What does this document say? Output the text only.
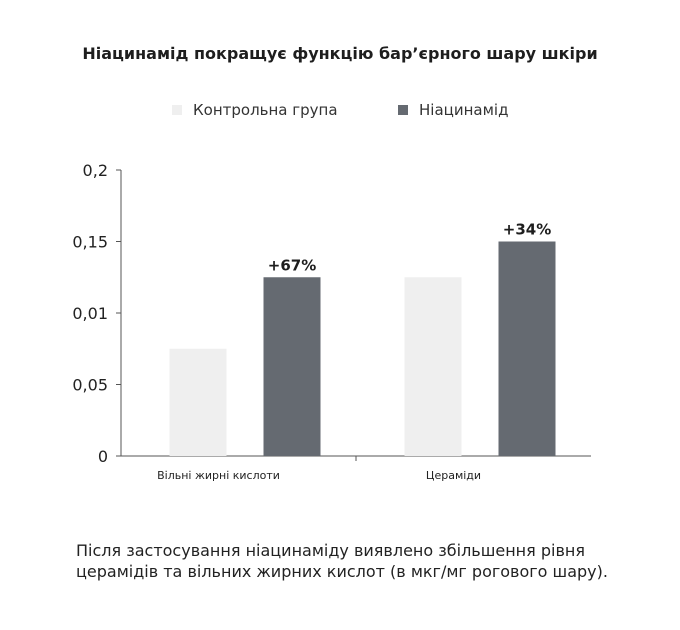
Ніацинамід покращує функцію бар’єрного шару шкіри
Контрольна група	Ніацинамід
0
0,05
0,01
0,15
0,2
+67%
Вільні жирні кислоти
+34%
Церамiди
Після застосування ніацинаміду виявлено збільшення рівня церамідів та вільних жирних кислот (в мкг/мг рогового шару).
